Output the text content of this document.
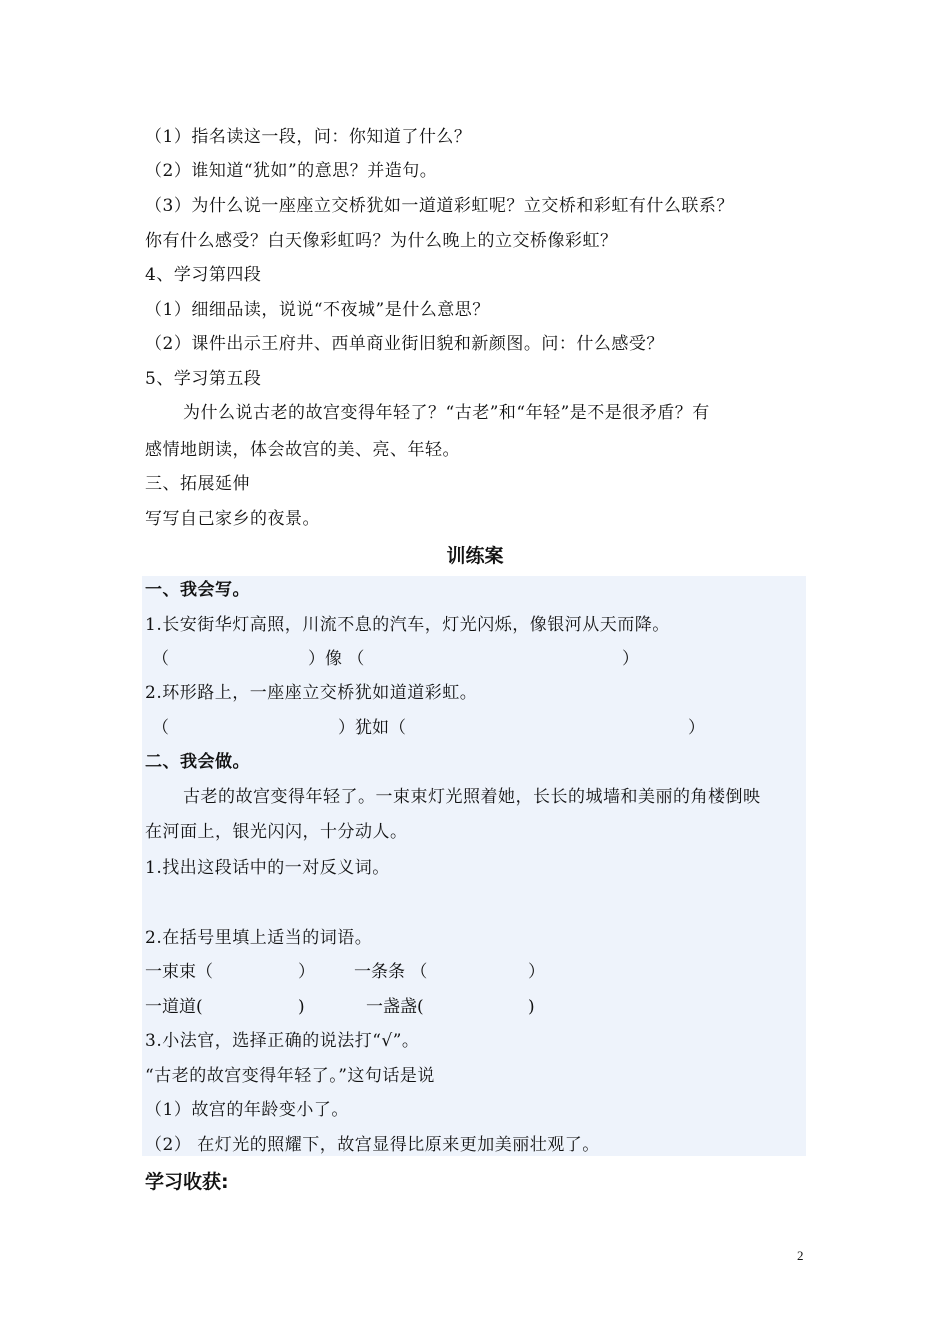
（1）指名读这一段，问：你知道了什么？
（2）谁知道“犹如”的意思？并造句。
（3）为什么说一座座立交桥犹如一道道彩虹呢？立交桥和彩虹有什么联系？
你有什么感受？白天像彩虹吗？为什么晚上的立交桥像彩虹？
4、学习第四段
（1）细细品读，说说“不夜城”是什么意思？
（2）课件出示王府井、西单商业街旧貌和新颜图。问：什么感受？
5、学习第五段
为什么说古老的故宫变得年轻了？“古老”和“年轻”是不是很矛盾？有
感情地朗读，体会故宫的美、亮、年轻。
三、拓展延伸
写写自己家乡的夜景。
训练案
一、我会写。
1.长安街华灯高照，川流不息的汽车，灯光闪烁，像银河从天而降。
（	）像 （	）
2.环形路上，一座座立交桥犹如道道彩虹。
（	）犹如（	）
二、我会做。
古老的故宫变得年轻了。一束束灯光照着她，长长的城墙和美丽的角楼倒映
在河面上，银光闪闪，十分动人。
1.找出这段话中的一对反义词。
2.在括号里填上适当的词语。
一束束（	） 一条条 （	）
一道道(	)	一盏盏(	)
3.小法官，选择正确的说法打“√”。
“古老的故宫变得年轻了。”这句话是说
（1）故宫的年龄变小了。
（2） 在灯光的照耀下，故宫显得比原来更加美丽壮观了。
学习收获:
2
